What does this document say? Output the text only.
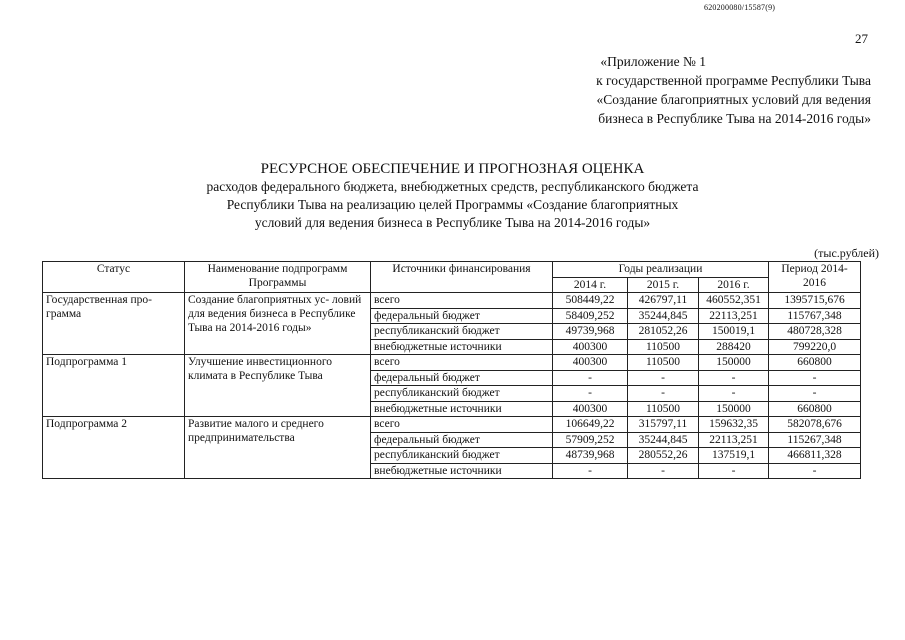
620200080/15587(9)
27
«Приложение № 1
к государственной программе Республики Тыва
«Создание благоприятных условий для ведения
бизнеса в Республике Тыва на 2014-2016 годы»
РЕСУРСНОЕ ОБЕСПЕЧЕНИЕ И ПРОГНОЗНАЯ ОЦЕНКА
расходов федерального бюджета, внебюджетных средств, республиканского бюджета
Республики Тыва на реализацию целей Программы «Создание благоприятных
условий для ведения бизнеса в Республике Тыва на 2014-2016 годы»
(тыс.рублей)
Статус	Наименование подпрограмм Программы	Источники финансирования	Годы реализации			Период 2014-2016
			2014 г.	2015 г.	2016 г.	
Государственная про- грамма	Создание благоприятных ус- ловий для ведения бизнеса в Республике Тыва на 2014-2016 годы»	всего	508449,22	426797,11	460552,351	1395715,676
		федеральный бюджет	58409,252	35244,845	22113,251	115767,348
		республиканский бюджет	49739,968	281052,26	150019,1	480728,328
		внебюджетные источники	400300	110500	288420	799220,0
Подпрограмма 1	Улучшение инвестиционного климата в Республике Тыва	всего	400300	110500	150000	660800
		федеральный бюджет	-	-	-	-
		республиканский бюджет	-	-	-	-
		внебюджетные источники	400300	110500	150000	660800
Подпрограмма 2	Развитие малого и среднего предпринимательства	всего	106649,22	315797,11	159632,35	582078,676
		федеральный бюджет	57909,252	35244,845	22113,251	115267,348
		республиканский бюджет	48739,968	280552,26	137519,1	466811,328
		внебюджетные источники	-	-	-	-
